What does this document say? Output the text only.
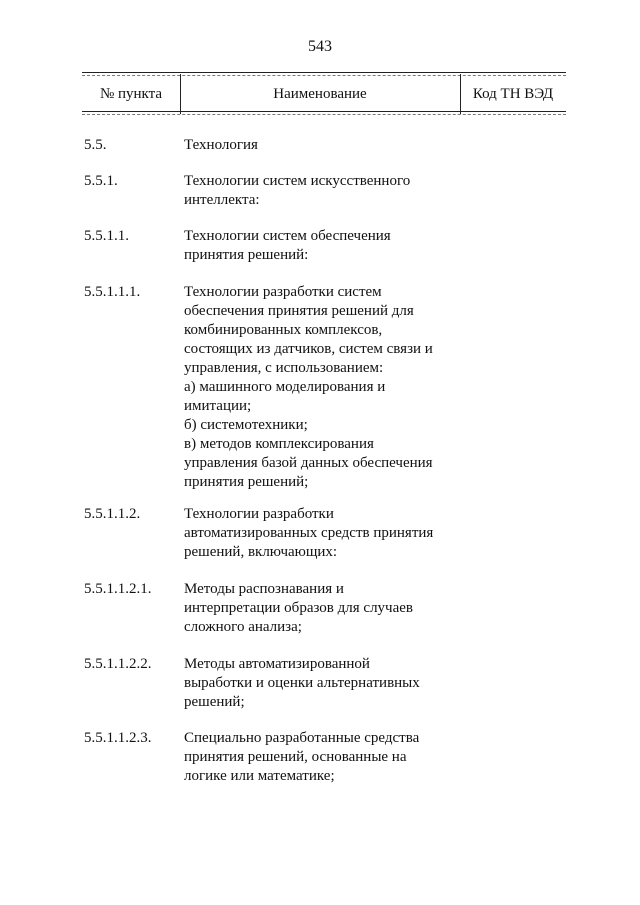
543
№ пункта	Наименование	Код ТН ВЭД
5.5.	Технология
5.5.1.	Технологии систем искусственного
интеллекта:
5.5.1.1.	Технологии систем обеспечения
принятия решений:
5.5.1.1.1.	Технологии разработки систем
обеспечения принятия решений для
комбинированных комплексов,
состоящих из датчиков, систем связи и
управления, с использованием:
а) машинного моделирования и
имитации;
б) системотехники;
в) методов комплексирования
управления базой данных обеспечения
принятия решений;
5.5.1.1.2.	Технологии разработки
автоматизированных средств принятия
решений, включающих:
5.5.1.1.2.1. Методы распознавания и
интерпретации образов для случаев
сложного анализа;
5.5.1.1.2.2. Методы автоматизированной
выработки и оценки альтернативных
решений;
5.5.1.1.2.3. Специально разработанные средства
принятия решений, основанные на
логике или математике;
